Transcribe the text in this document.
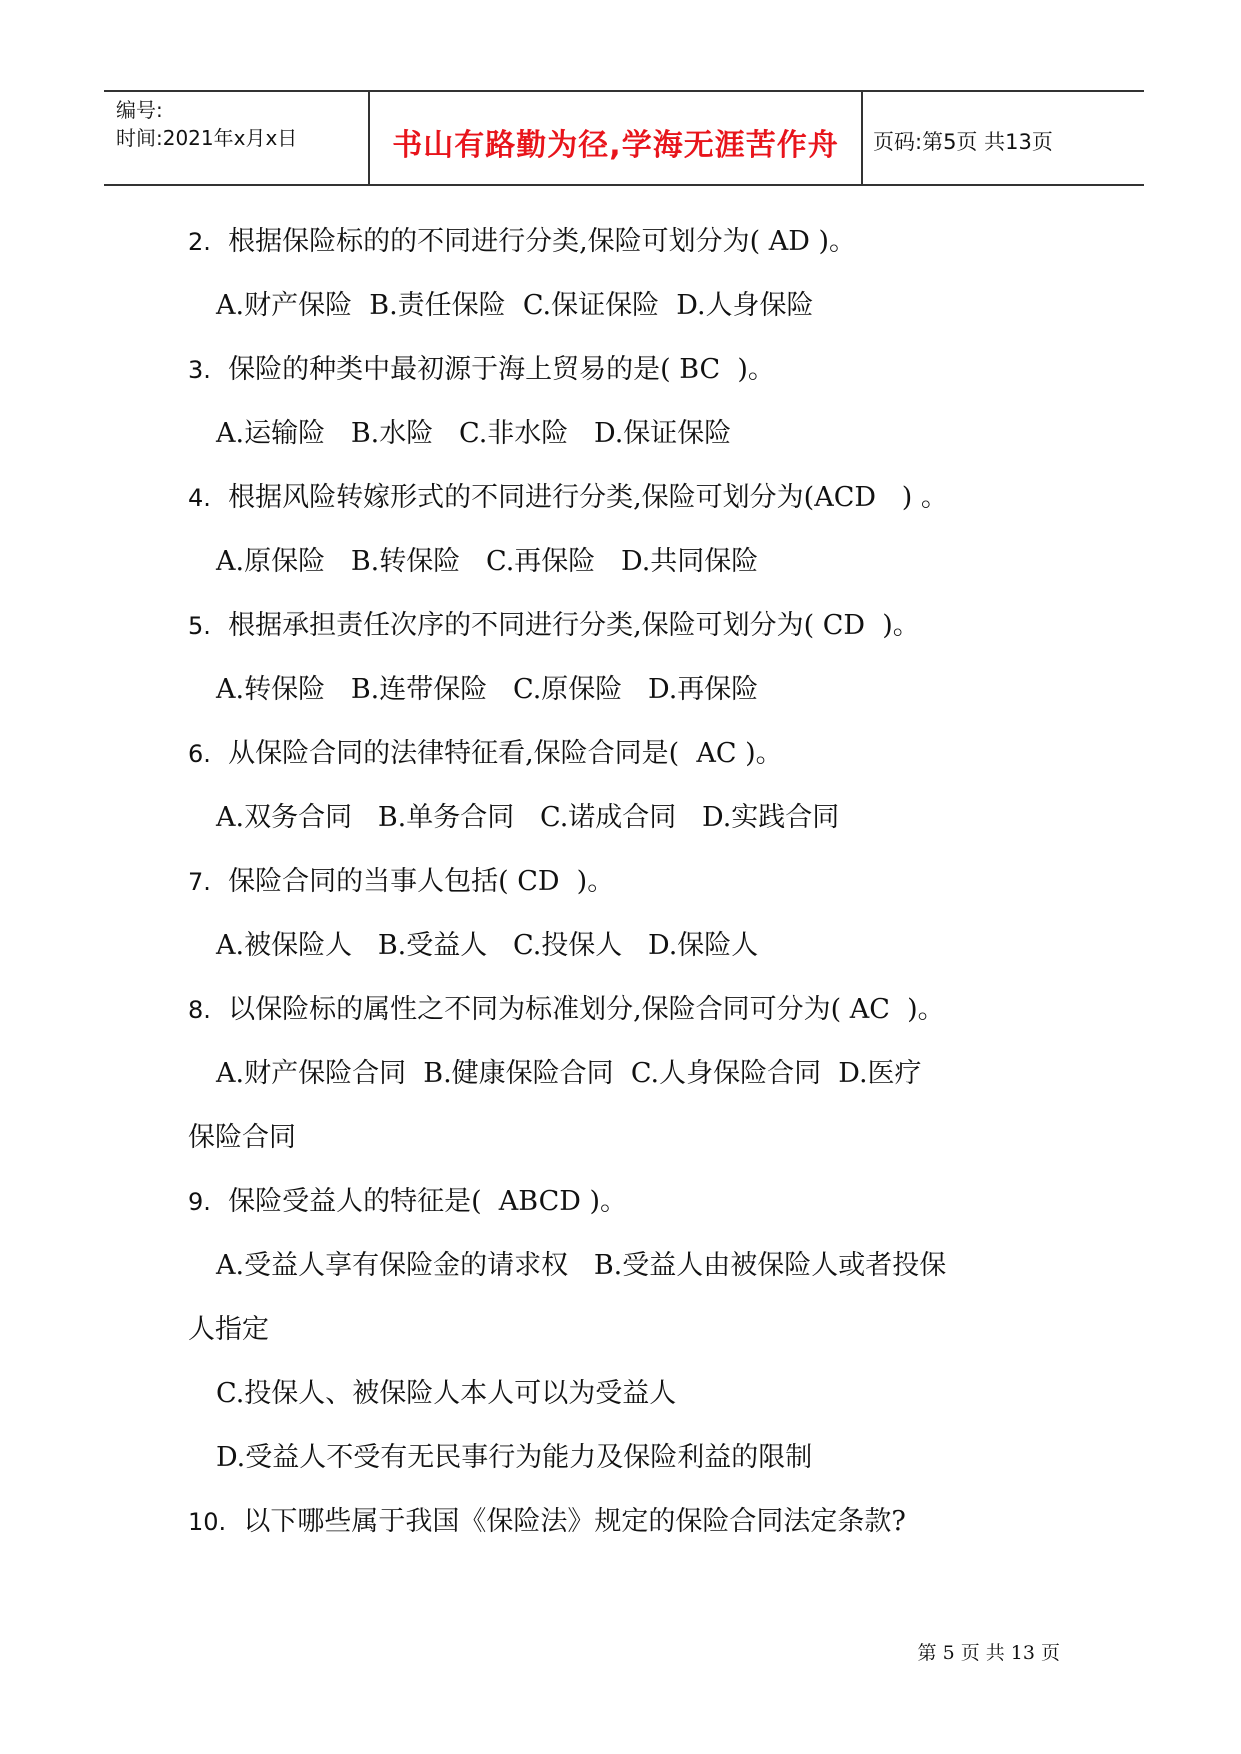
编号:
时间:2021年x月x日	书山有路勤为径,学海无涯苦作舟	页码:第5页 共13页
2. 根据保险标的的不同进行分类,保险可划分为( AD )。
A.财产保险  B.责任保险  C.保证保险  D.人身保险
3. 保险的种类中最初源于海上贸易的是( BC  )。
A.运输险   B.水险   C.非水险   D.保证保险
4. 根据风险转嫁形式的不同进行分类,保险可划分为(ACD   ) 。
A.原保险   B.转保险   C.再保险   D.共同保险
5. 根据承担责任次序的不同进行分类,保险可划分为( CD  )。
A.转保险   B.连带保险   C.原保险   D.再保险
6. 从保险合同的法律特征看,保险合同是(  AC )。
A.双务合同   B.单务合同   C.诺成合同   D.实践合同
7. 保险合同的当事人包括( CD  )。
A.被保险人   B.受益人   C.投保人   D.保险人
8. 以保险标的属性之不同为标准划分,保险合同可分为( AC  )。
A.财产保险合同  B.健康保险合同  C.人身保险合同  D.医疗
保险合同
9. 保险受益人的特征是(  ABCD )。
A.受益人享有保险金的请求权   B.受益人由被保险人或者投保
人指定
C.投保人、被保险人本人可以为受益人
D.受益人不受有无民事行为能力及保险利益的限制
10. 以下哪些属于我国《保险法》规定的保险合同法定条款?
第 5 页 共 13 页
